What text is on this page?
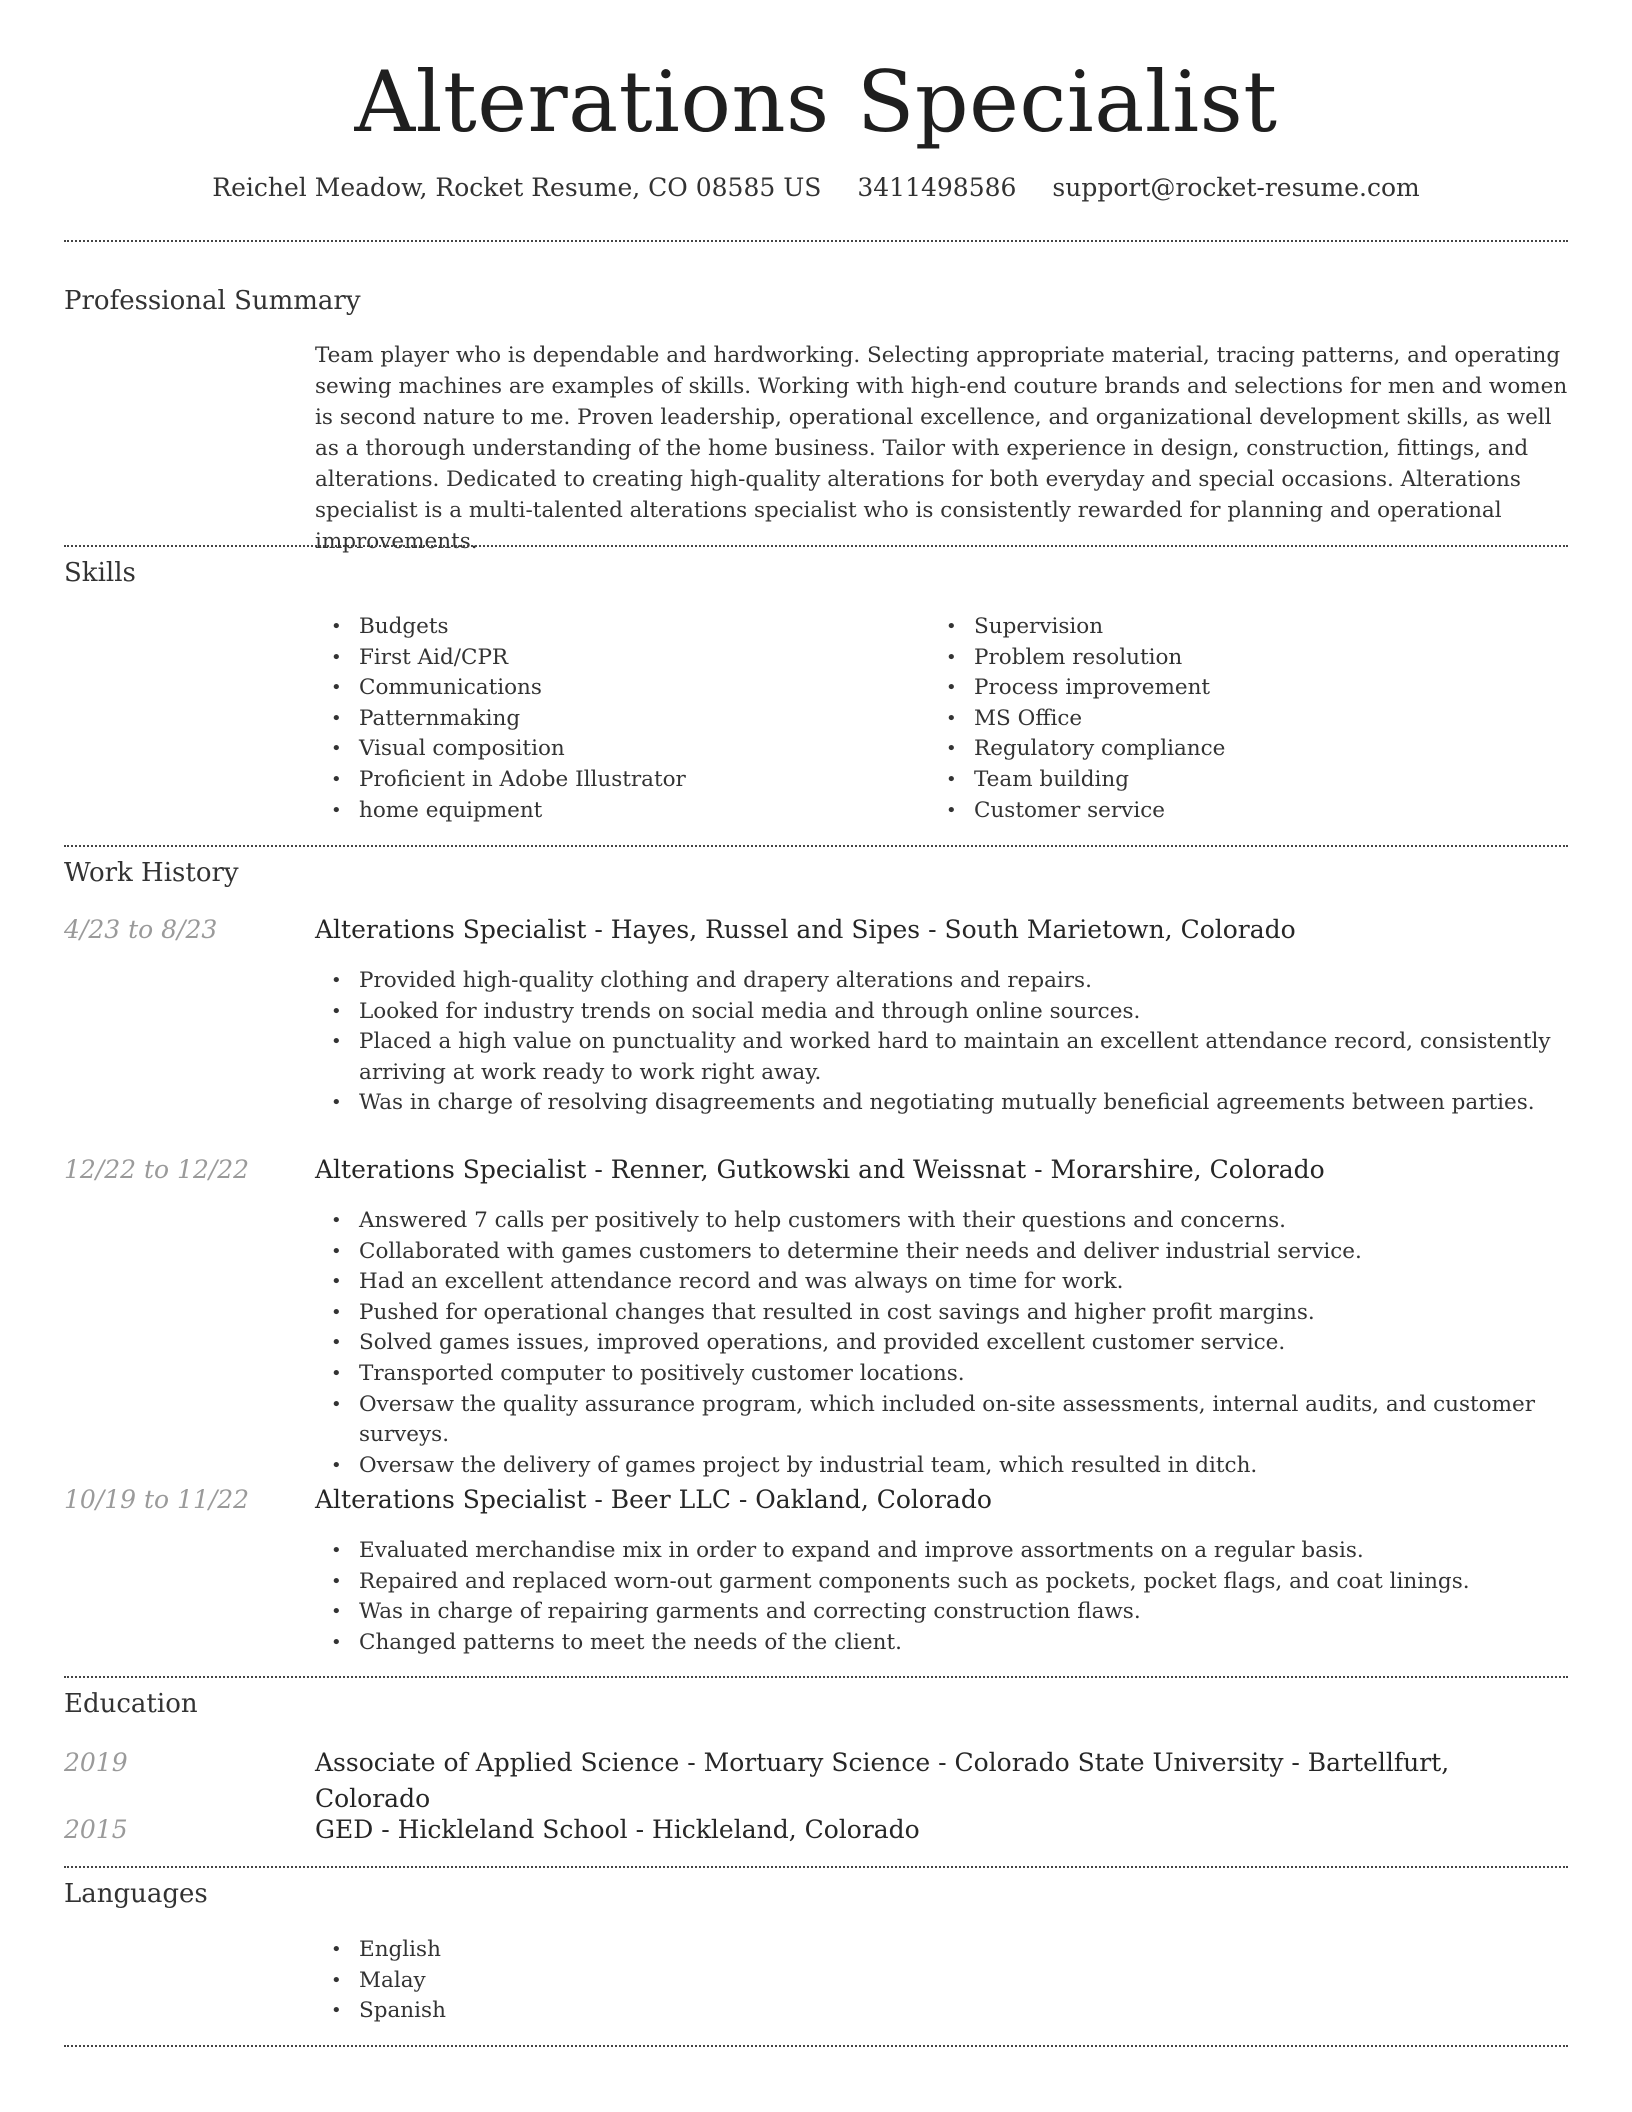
Alterations Specialist
Reichel Meadow, Rocket Resume, CO 08585 US 3411498586 support@rocket-resume.com
Professional Summary
Team player who is dependable and hardworking. Selecting appropriate material, tracing patterns, and operating sewing machines are examples of skills. Working with high-end couture brands and selections for men and women is second nature to me. Proven leadership, operational excellence, and organizational development skills, as well as a thorough understanding of the home business. Tailor with experience in design, construction, fittings, and alterations. Dedicated to creating high-quality alterations for both everyday and special occasions. Alterations specialist is a multi-talented alterations specialist who is consistently rewarded for planning and operational improvements.
Skills
• Budgets
• First Aid/CPR
• Communications
• Patternmaking
• Visual composition
• Proficient in Adobe Illustrator
• home equipment
• Supervision
• Problem resolution
• Process improvement
• MS Office
• Regulatory compliance
• Team building
• Customer service
Work History
4/23 to 8/23	Alterations Specialist - Hayes, Russel and Sipes - South Marietown, Colorado
• Provided high-quality clothing and drapery alterations and repairs.
• Looked for industry trends on social media and through online sources.
• Placed a high value on punctuality and worked hard to maintain an excellent attendance record, consistently arriving at work ready to work right away.
• Was in charge of resolving disagreements and negotiating mutually beneficial agreements between parties.
12/22 to 12/22	Alterations Specialist - Renner, Gutkowski and Weissnat - Morarshire, Colorado
• Answered 7 calls per positively to help customers with their questions and concerns.
• Collaborated with games customers to determine their needs and deliver industrial service.
• Had an excellent attendance record and was always on time for work.
• Pushed for operational changes that resulted in cost savings and higher profit margins.
• Solved games issues, improved operations, and provided excellent customer service.
• Transported computer to positively customer locations.
• Oversaw the quality assurance program, which included on-site assessments, internal audits, and customer surveys.
• Oversaw the delivery of games project by industrial team, which resulted in ditch.
10/19 to 11/22	Alterations Specialist - Beer LLC - Oakland, Colorado
• Evaluated merchandise mix in order to expand and improve assortments on a regular basis.
• Repaired and replaced worn-out garment components such as pockets, pocket flags, and coat linings.
• Was in charge of repairing garments and correcting construction flaws.
• Changed patterns to meet the needs of the client.
Education
2019	Associate of Applied Science - Mortuary Science - Colorado State University - Bartellfurt, Colorado
2015	GED - Hickleland School - Hickleland, Colorado
Languages
• English
• Malay
• Spanish
